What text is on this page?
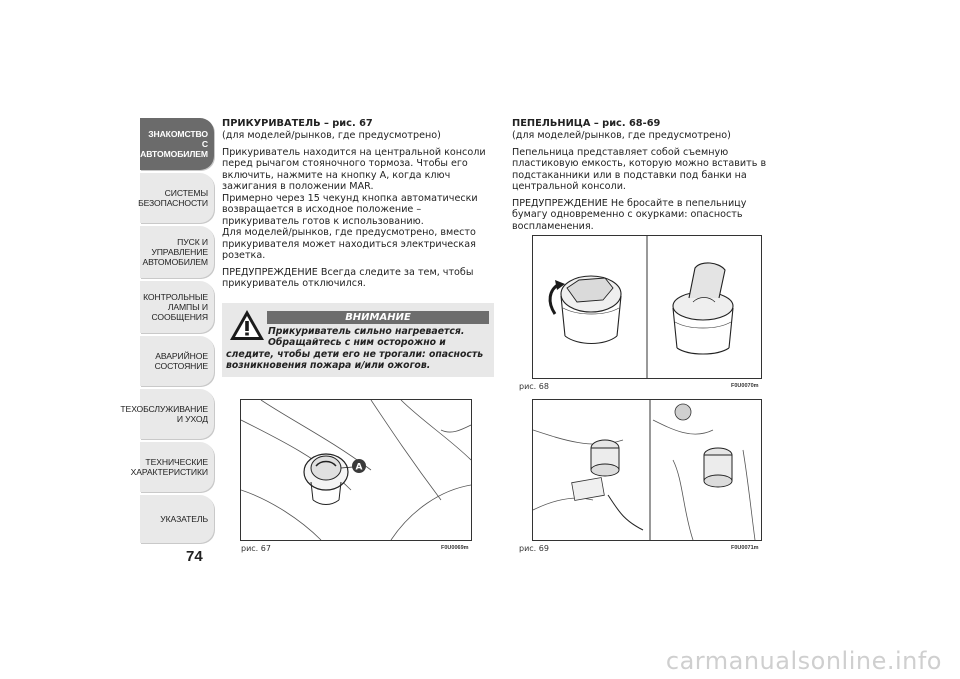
ЗНАКОМСТВО С
АВТОМОБИЛЕМ
СИСТЕМЫ
БЕЗОПАСНОСТИ
ПУСК И УПРАВЛЕНИЕ
АВТОМОБИЛЕМ
КОНТРОЛЬНЫЕ
ЛАМПЫ И
СООБЩЕНИЯ
АВАРИЙНОЕ
СОСТОЯНИЕ
ТЕХОБСЛУЖИВАНИЕ
И УХОД
ТЕХНИЧЕСКИЕ
ХАРАКТЕРИСТИКИ
УКАЗАТЕЛЬ
74
ПРИКУРИВАТЕЛЬ – рис. 67
(для моделей/рынков, где предусмотрено)
Прикуриватель находится на центральной консоли перед рычагом стояночного тормоза. Чтобы его включить, нажмите на кнопку А, когда ключ зажигания в положении MAR.
Примерно через 15 чекунд кнопка автоматически возвращается в исходное положение – прикуриватель готов к использованию.

Для моделей/рынков, где предусмотрено, вместо прикуривателя может находиться электрическая розетка.

ПРЕДУПРЕЖДЕНИЕ Всегда следите за тем, чтобы прикуриватель отключился.

ВНИМАНИЕ
Прикуриватель сильно нагревается.
Обращайтесь с ним осторожно и
следите, чтобы дети его не трогали: опасность
возникновения пожара и/или ожогов.
ПЕПЕЛЬНИЦА – рис. 68-69
(для моделей/рынков, где предусмотрено)

Пепельница представляет собой съемную пластиковую емкость, которую можно вставить в подстаканники или в подставки под банки на центральной консоли.

ПРЕДУПРЕЖДЕНИЕ Не бросайте в пепельницу бумагу одновременно с окурками: опасность воспламенения.

A
рис. 67	F0U0069m
рис. 68	F0U0070m
рис. 69	F0U0071m
carmanualsonline.info
